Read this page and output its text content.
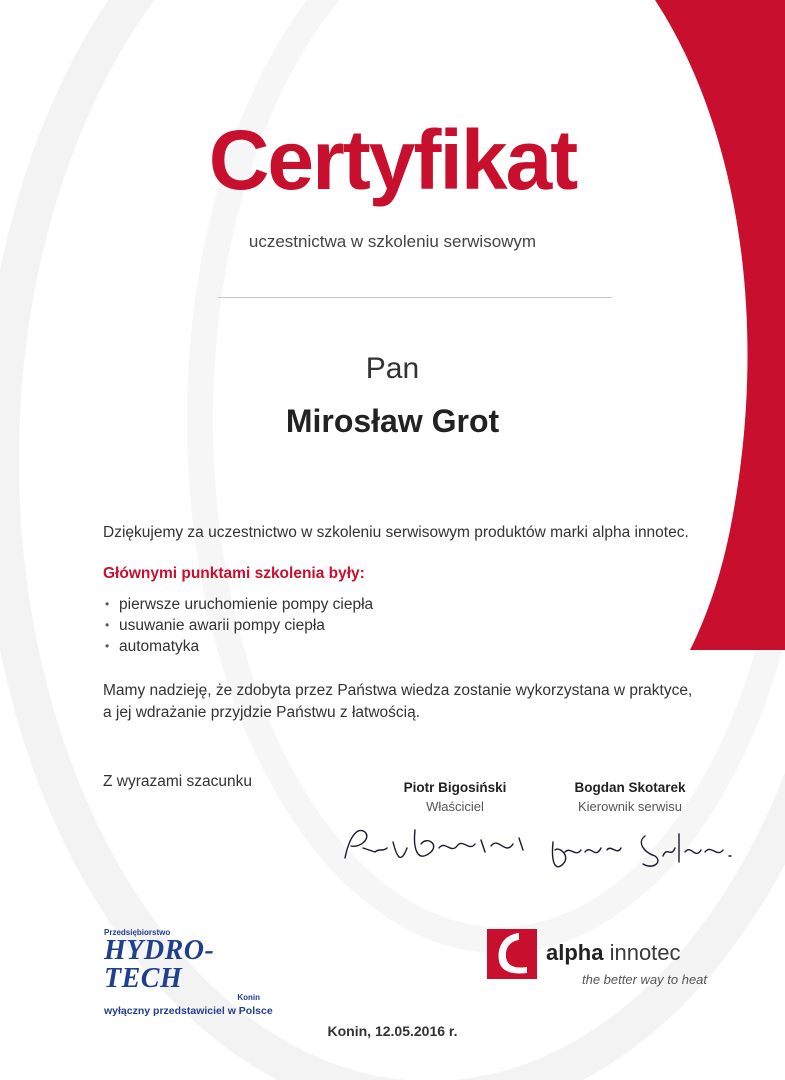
Certyfikat
uczestnictwa w szkoleniu serwisowym
Pan
Mirosław Grot
Dziękujemy za uczestnictwo w szkoleniu serwisowym produktów marki alpha innotec.
Głównymi punktami szkolenia były:
• pierwsze uruchomienie pompy ciepła
• usuwanie awarii pompy ciepła
• automatyka
Mamy nadzieję, że zdobyta przez Państwa wiedza zostanie wykorzystana w praktyce,
a jej wdrażanie przyjdzie Państwu z łatwością.
Z wyrazami szacunku	Piotr Bigosiński
Właściciel
Bogdan Skotarek
Kierownik serwisu
Przedsiębiorstwo
HYDRO-TECH
Konin
wyłączny przedstawiciel w Polsce
alpha innotec
the better way to heat
Konin, 12.05.2016 r.
